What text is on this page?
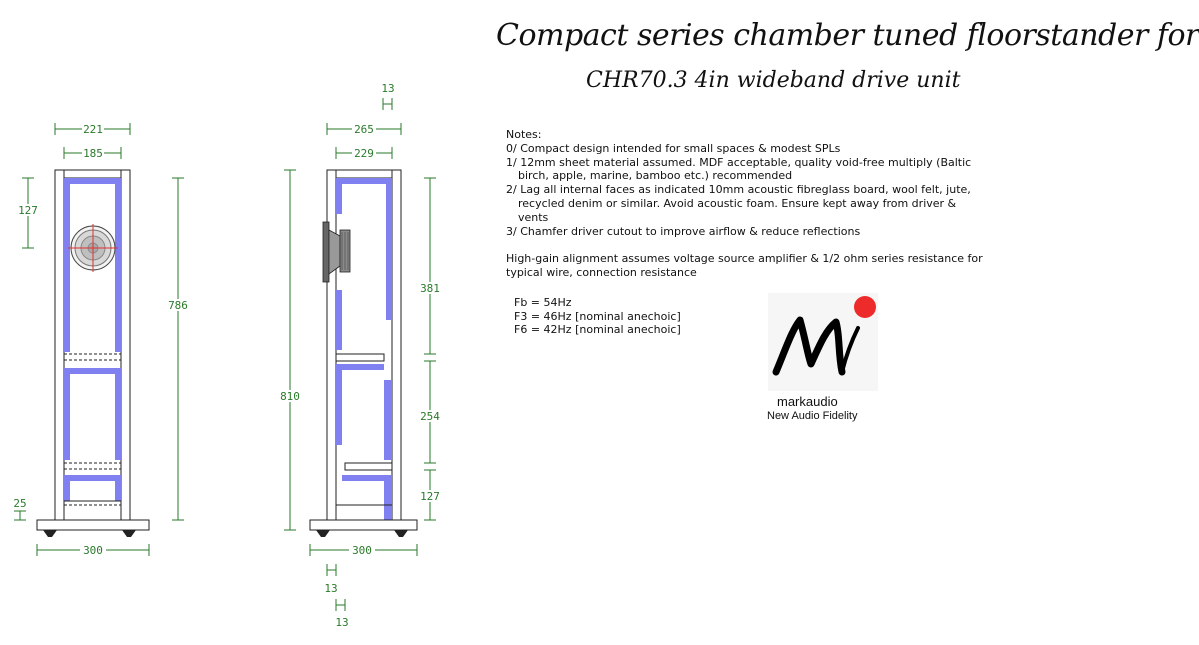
Compact series chamber tuned floorstander for
CHR70.3 4in wideband drive unit

Notes:

0/ Compact design intended for small spaces & modest SPLs

1/ 12mm sheet material assumed. MDF acceptable, quality void-free multiply (Baltic birch, apple, marine, bamboo etc.) recommended

2/ Lag all internal faces as indicated 10mm acoustic fibreglass board, wool felt, jute, recycled denim or similar. Avoid acoustic foam. Ensure kept away from driver & vents

3/ Chamfer driver cutout to improve airflow & reduce reflections

High-gain alignment assumes voltage source amplifier & 1/2 ohm series resistance for typical wire, connection resistance

Fb = 54Hz

F3 = 46Hz [nominal anechoic]

F6 = 42Hz [nominal anechoic]

markaudio
New Audio Fidelity
221
185
127
786
25
300
13
265
229
810
381
254
127
300
13
13
